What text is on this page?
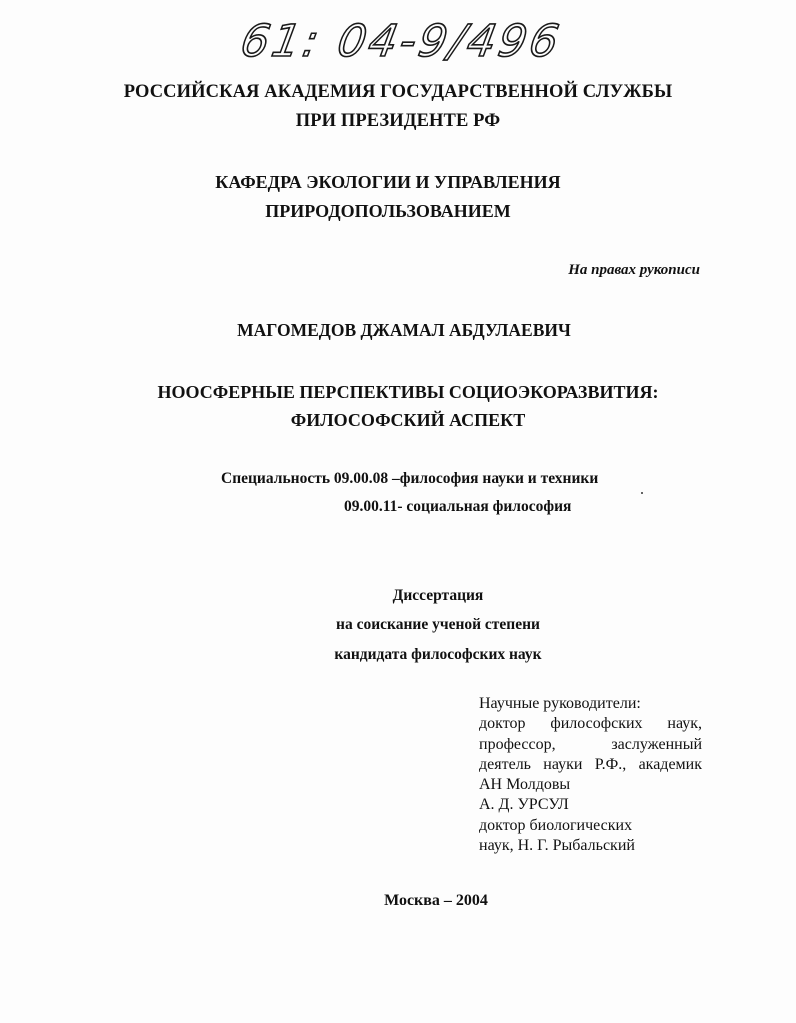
61: 04-9/496
РОССИЙСКАЯ АКАДЕМИЯ ГОСУДАРСТВЕННОЙ СЛУЖБЫ
ПРИ ПРЕЗИДЕНТЕ РФ
КАФЕДРА ЭКОЛОГИИ И УПРАВЛЕНИЯ
ПРИРОДОПОЛЬЗОВАНИЕМ
На правах рукописи
МАГОМЕДОВ ДЖАМАЛ АБДУЛАЕВИЧ
НООСФЕРНЫЕ ПЕРСПЕКТИВЫ СОЦИОЭКОРАЗВИТИЯ:
ФИЛОСОФСКИЙ АСПЕКТ
Специальность 09.00.08 –философия науки и техники
09.00.11- социальная философия
Диссертация
на соискание ученой степени
кандидата философских наук
Научные руководители:
доктор философских наук,
профессор, заслуженный
деятель науки Р.Ф., академик
АН Молдовы
А. Д. УРСУЛ
доктор биологических
наук, Н. Г. Рыбальский
Москва – 2004
